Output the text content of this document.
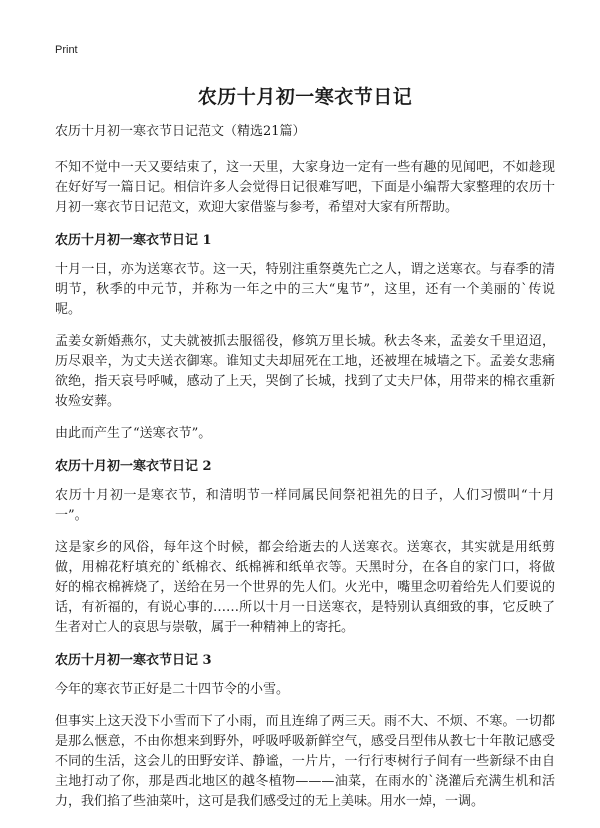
Print
农历十月初一寒衣节日记
农历十月初一寒衣节日记范文（精选21篇）

不知不觉中一天又要结束了，这一天里，大家身边一定有一些有趣的见闻吧，不如趁现在好好写一篇日记。相信许多人会觉得日记很难写吧，下面是小编帮大家整理的农历十月初一寒衣节日记范文，欢迎大家借鉴与参考，希望对大家有所帮助。

农历十月初一寒衣节日记 1

十月一日，亦为送寒衣节。这一天，特别注重祭奠先亡之人，谓之送寒衣。与春季的清明节，秋季的中元节，并称为一年之中的三大“鬼节”，这里，还有一个美丽的`传说呢。

孟姜女新婚燕尔，丈夫就被抓去服徭役，修筑万里长城。秋去冬来，孟姜女千里迢迢，历尽艰辛，为丈夫送衣御寒。谁知丈夫却屈死在工地，还被埋在城墙之下。孟姜女悲痛欲绝，指天哀号呼喊，感动了上天，哭倒了长城，找到了丈夫尸体，用带来的棉衣重新妆殓安葬。

由此而产生了“送寒衣节”。

农历十月初一寒衣节日记 2

农历十月初一是寒衣节，和清明节一样同属民间祭祀祖先的日子，人们习惯叫“十月一”。

这是家乡的风俗，每年这个时候，都会给逝去的人送寒衣。送寒衣，其实就是用纸剪做，用棉花籽填充的`纸棉衣、纸棉裤和纸单衣等。天黑时分，在各自的家门口，将做好的棉衣棉裤烧了，送给在另一个世界的先人们。火光中，嘴里念叨着给先人们要说的话，有祈福的，有说心事的……所以十月一日送寒衣，是特别认真细致的事，它反映了生者对亡人的哀思与崇敬，属于一种精神上的寄托。

农历十月初一寒衣节日记 3

今年的寒衣节正好是二十四节令的小雪。

但事实上这天没下小雪而下了小雨，而且连绵了两三天。雨不大、不烦、不寒。一切都是那么惬意，不由你想来到野外，呼吸呼吸新鲜空气，感受吕型伟从教七十年散记感受不同的生活，这会儿的田野安详、静谧，一片片，一行行枣树行子间有一些新绿不由自主地打动了你，那是西北地区的越冬植物———油菜，在雨水的`浇灌后充满生机和活力，我们掐了些油菜叶，这可是我们感受过的无上美味。用水一焯，一调。
